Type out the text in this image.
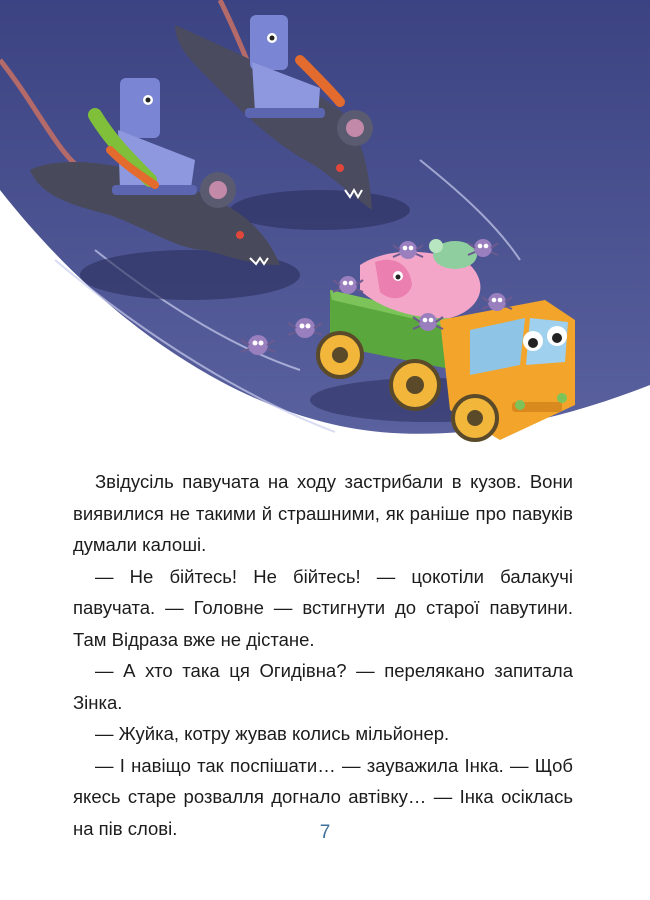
Звідусіль павучата на ходу застрибали в кузов. Вони виявилися не такими й страшними, як раніше про павуків думали калоші.

— Не бійтесь! Не бійтесь! — цокотіли балакучі павучата. — Головне — встигнути до старої павутини. Там Відраза вже не дістане.

— А хто така ця Огидівна? — перелякано запитала Зінка.

— Жуйка, котру жував колись мільйонер.

— І навіщо так поспішати… — зауважила Інка. — Щоб якесь старе розвалля догнало автівку… — Інка осіклась на пів слові.	7
